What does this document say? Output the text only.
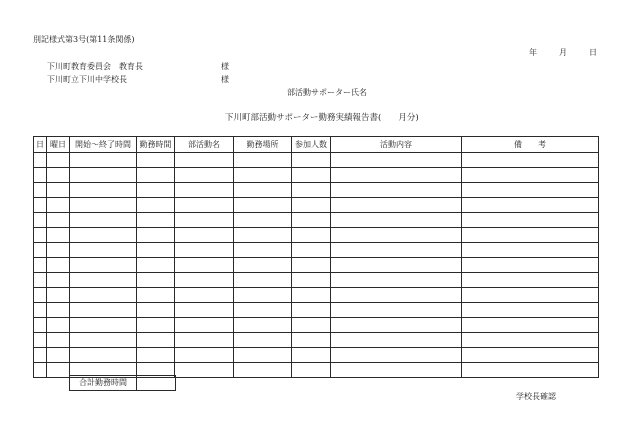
別記様式第3号(第11条関係)
年	月	日
下川町教育委員会　教育長	様
下川町立下川中学校長	様
部活動サポーター氏名
下川町部活動サポーター勤務実績報告書(　　月分)
日	曜日	開始～終了時間	勤務時間	部活動名	勤務場所	参加人数	活動内容	備　　考

合計勤務時間	
学校長確認
